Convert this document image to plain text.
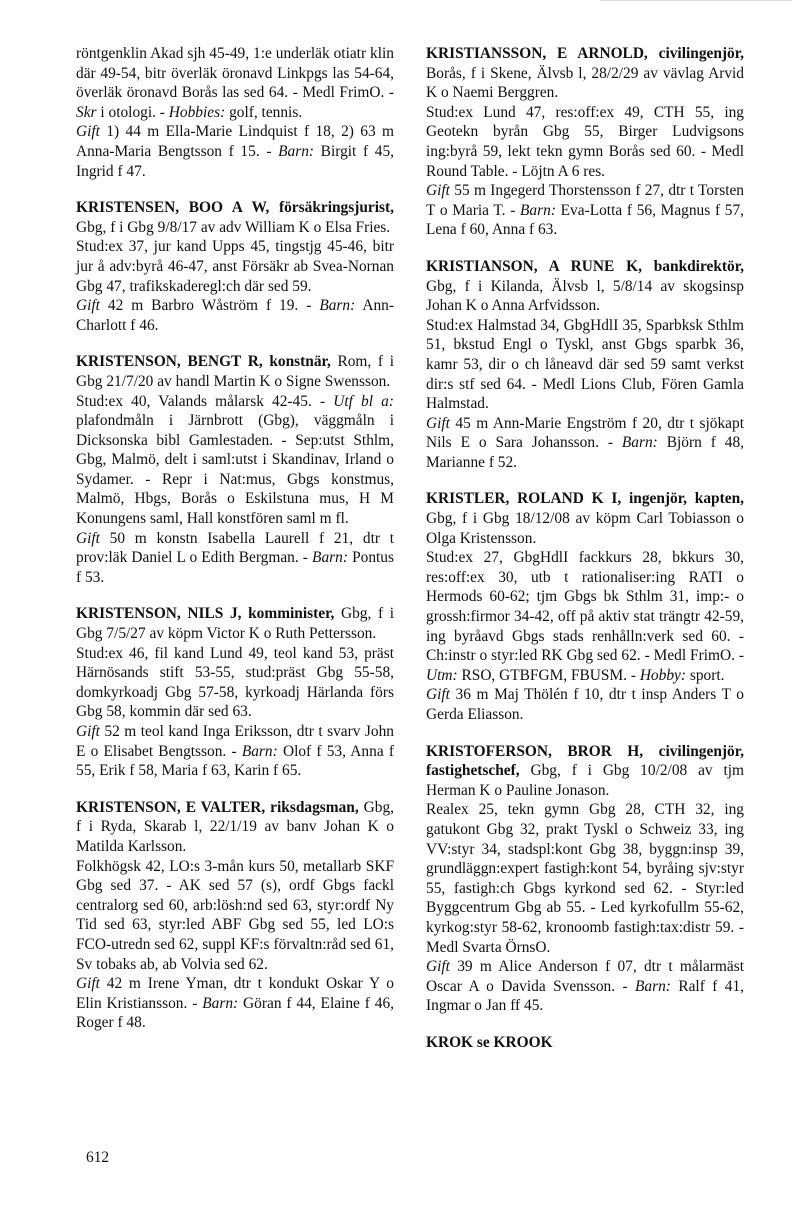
röntgenklin Akad sjh 45-49, 1:e underläk otiatr klin där 49-54, bitr överläk öronavd Linkpgs las 54-64, överläk öronavd Borås las sed 64. - Medl FrimO. - Skr i otologi. - Hobbies: golf, tennis.

Gift 1) 44 m Ella-Marie Lindquist f 18, 2) 63 m Anna-Maria Bengtsson f 15. - Barn: Birgit f 45, Ingrid f 47.

KRISTENSEN, BOO A W, försäkringsjurist, Gbg, f i Gbg 9/8/17 av adv William K o Elsa Fries.

Stud:ex 37, jur kand Upps 45, tingstjg 45-46, bitr jur å adv:byrå 46-47, anst Försäkr ab Svea-Nornan Gbg 47, trafikskaderegl:ch där sed 59.

Gift 42 m Barbro Wåström f 19. - Barn: Ann-Charlott f 46.

KRISTENSON, BENGT R, konstnär, Rom, f i Gbg 21/7/20 av handl Martin K o Signe Swensson.

Stud:ex 40, Valands målarsk 42-45. - Utf bl a: plafondmåln i Järnbrott (Gbg), väggmåln i Dicksonska bibl Gamlestaden. - Sep:utst Sthlm, Gbg, Malmö, delt i saml:utst i Skandinav, Irland o Sydamer. - Repr i Nat:mus, Gbgs konstmus, Malmö, Hbgs, Borås o Eskilstuna mus, H M Konungens saml, Hall konstfören saml m fl.

Gift 50 m konstn Isabella Laurell f 21, dtr t prov:läk Daniel L o Edith Bergman. - Barn: Pontus f 53.

KRISTENSON, NILS J, komminister, Gbg, f i Gbg 7/5/27 av köpm Victor K o Ruth Pettersson.

Stud:ex 46, fil kand Lund 49, teol kand 53, präst Härnösands stift 53-55, stud:präst Gbg 55-58, domkyrkoadj Gbg 57-58, kyrkoadj Härlanda förs Gbg 58, kommin där sed 63.

Gift 52 m teol kand Inga Eriksson, dtr t svarv John E o Elisabet Bengtsson. - Barn: Olof f 53, Anna f 55, Erik f 58, Maria f 63, Karin f 65.

KRISTENSON, E VALTER, riksdagsman, Gbg, f i Ryda, Skarab l, 22/1/19 av banv Johan K o Matilda Karlsson.

Folkhögsk 42, LO:s 3-mån kurs 50, metallarb SKF Gbg sed 37. - AK sed 57 (s), ordf Gbgs fackl centralorg sed 60, arb:lösh:nd sed 63, styr:ordf Ny Tid sed 63, styr:led ABF Gbg sed 55, led LO:s FCO-utredn sed 62, suppl KF:s förvaltn:råd sed 61, Sv tobaks ab, ab Volvia sed 62.

Gift 42 m Irene Yman, dtr t kondukt Oskar Y o Elin Kristiansson. - Barn: Göran f 44, Elaine f 46, Roger f 48.

KRISTIANSSON, E ARNOLD, civilingenjör, Borås, f i Skene, Älvsb l, 28/2/29 av vävlag Arvid K o Naemi Berggren.

Stud:ex Lund 47, res:off:ex 49, CTH 55, ing Geotekn byrån Gbg 55, Birger Ludvigsons ing:byrå 59, lekt tekn gymn Borås sed 60. - Medl Round Table. - Löjtn A 6 res.

Gift 55 m Ingegerd Thorstensson f 27, dtr t Torsten T o Maria T. - Barn: Eva-Lotta f 56, Magnus f 57, Lena f 60, Anna f 63.

KRISTIANSON, A RUNE K, bankdirektör, Gbg, f i Kilanda, Älvsb l, 5/8/14 av skogsinsp Johan K o Anna Arfvidsson.

Stud:ex Halmstad 34, GbgHdlI 35, Sparbksk Sthlm 51, bkstud Engl o Tyskl, anst Gbgs sparbk 36, kamr 53, dir o ch låneavd där sed 59 samt verkst dir:s stf sed 64. - Medl Lions Club, Fören Gamla Halmstad.

Gift 45 m Ann-Marie Engström f 20, dtr t sjökapt Nils E o Sara Johansson. - Barn: Björn f 48, Marianne f 52.

KRISTLER, ROLAND K I, ingenjör, kapten, Gbg, f i Gbg 18/12/08 av köpm Carl Tobiasson o Olga Kristensson.

Stud:ex 27, GbgHdlI fackkurs 28, bkkurs 30, res:off:ex 30, utb t rationaliser:ing RATI o Hermods 60-62; tjm Gbgs bk Sthlm 31, imp:- o grossh:firmor 34-42, off på aktiv stat trängtr 42-59, ing byråavd Gbgs stads renhålln:verk sed 60. - Ch:instr o styr:led RK Gbg sed 62. - Medl FrimO. - Utm: RSO, GTBFGM, FBUSM. - Hobby: sport.

Gift 36 m Maj Thölén f 10, dtr t insp Anders T o Gerda Eliasson.

KRISTOFERSON, BROR H, civilingenjör, fastighetschef, Gbg, f i Gbg 10/2/08 av tjm Herman K o Pauline Jonason.

Realex 25, tekn gymn Gbg 28, CTH 32, ing gatukont Gbg 32, prakt Tyskl o Schweiz 33, ing VV:styr 34, stadspl:kont Gbg 38, byggn:insp 39, grundläggn:expert fastigh:kont 54, byråing sjv:styr 55, fastigh:ch Gbgs kyrkond sed 62. - Styr:led Byggcentrum Gbg ab 55. - Led kyrkofullm 55-62, kyrkog:styr 58-62, kronoomb fastigh:tax:distr 59. - Medl Svarta ÖrnsO.

Gift 39 m Alice Anderson f 07, dtr t målarmäst Oscar A o Davida Svensson. - Barn: Ralf f 41, Ingmar o Jan ff 45.

KROK se KROOK

612
